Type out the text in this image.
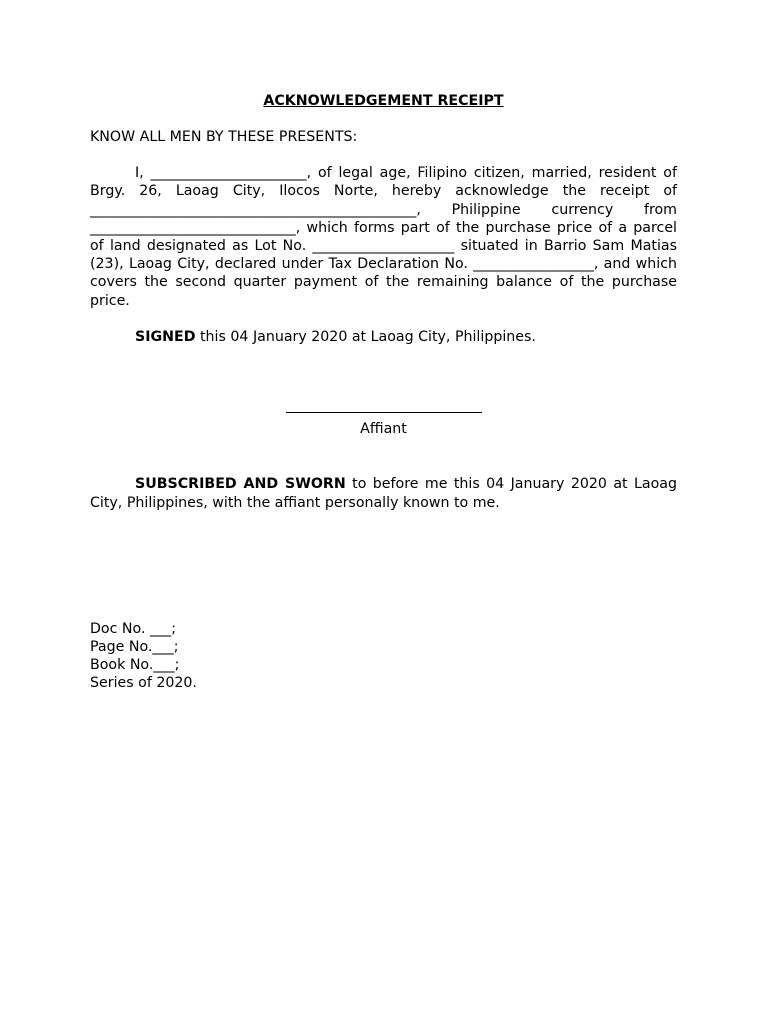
ACKNOWLEDGEMENT RECEIPT
KNOW ALL MEN BY THESE PRESENTS:

I, ______________________, of legal age, Filipino citizen, married, resident of Brgy. 26, Laoag City, Ilocos Norte, hereby acknowledge the receipt of ______________________________________________, Philippine currency from _____________________________, which forms part of the purchase price of a parcel of land designated as Lot No. ____________________ situated in Barrio Sam Matias (23), Laoag City, declared under Tax Declaration No. _________________, and which covers the second quarter payment of the remaining balance of the purchase price.

SIGNED this 04 January 2020 at Laoag City, Philippines.

Affiant

SUBSCRIBED AND SWORN to before me this 04 January 2020 at Laoag City, Philippines, with the affiant personally known to me.

Doc No. ___;
Page No.___;
Book No.___;
Series of 2020.
